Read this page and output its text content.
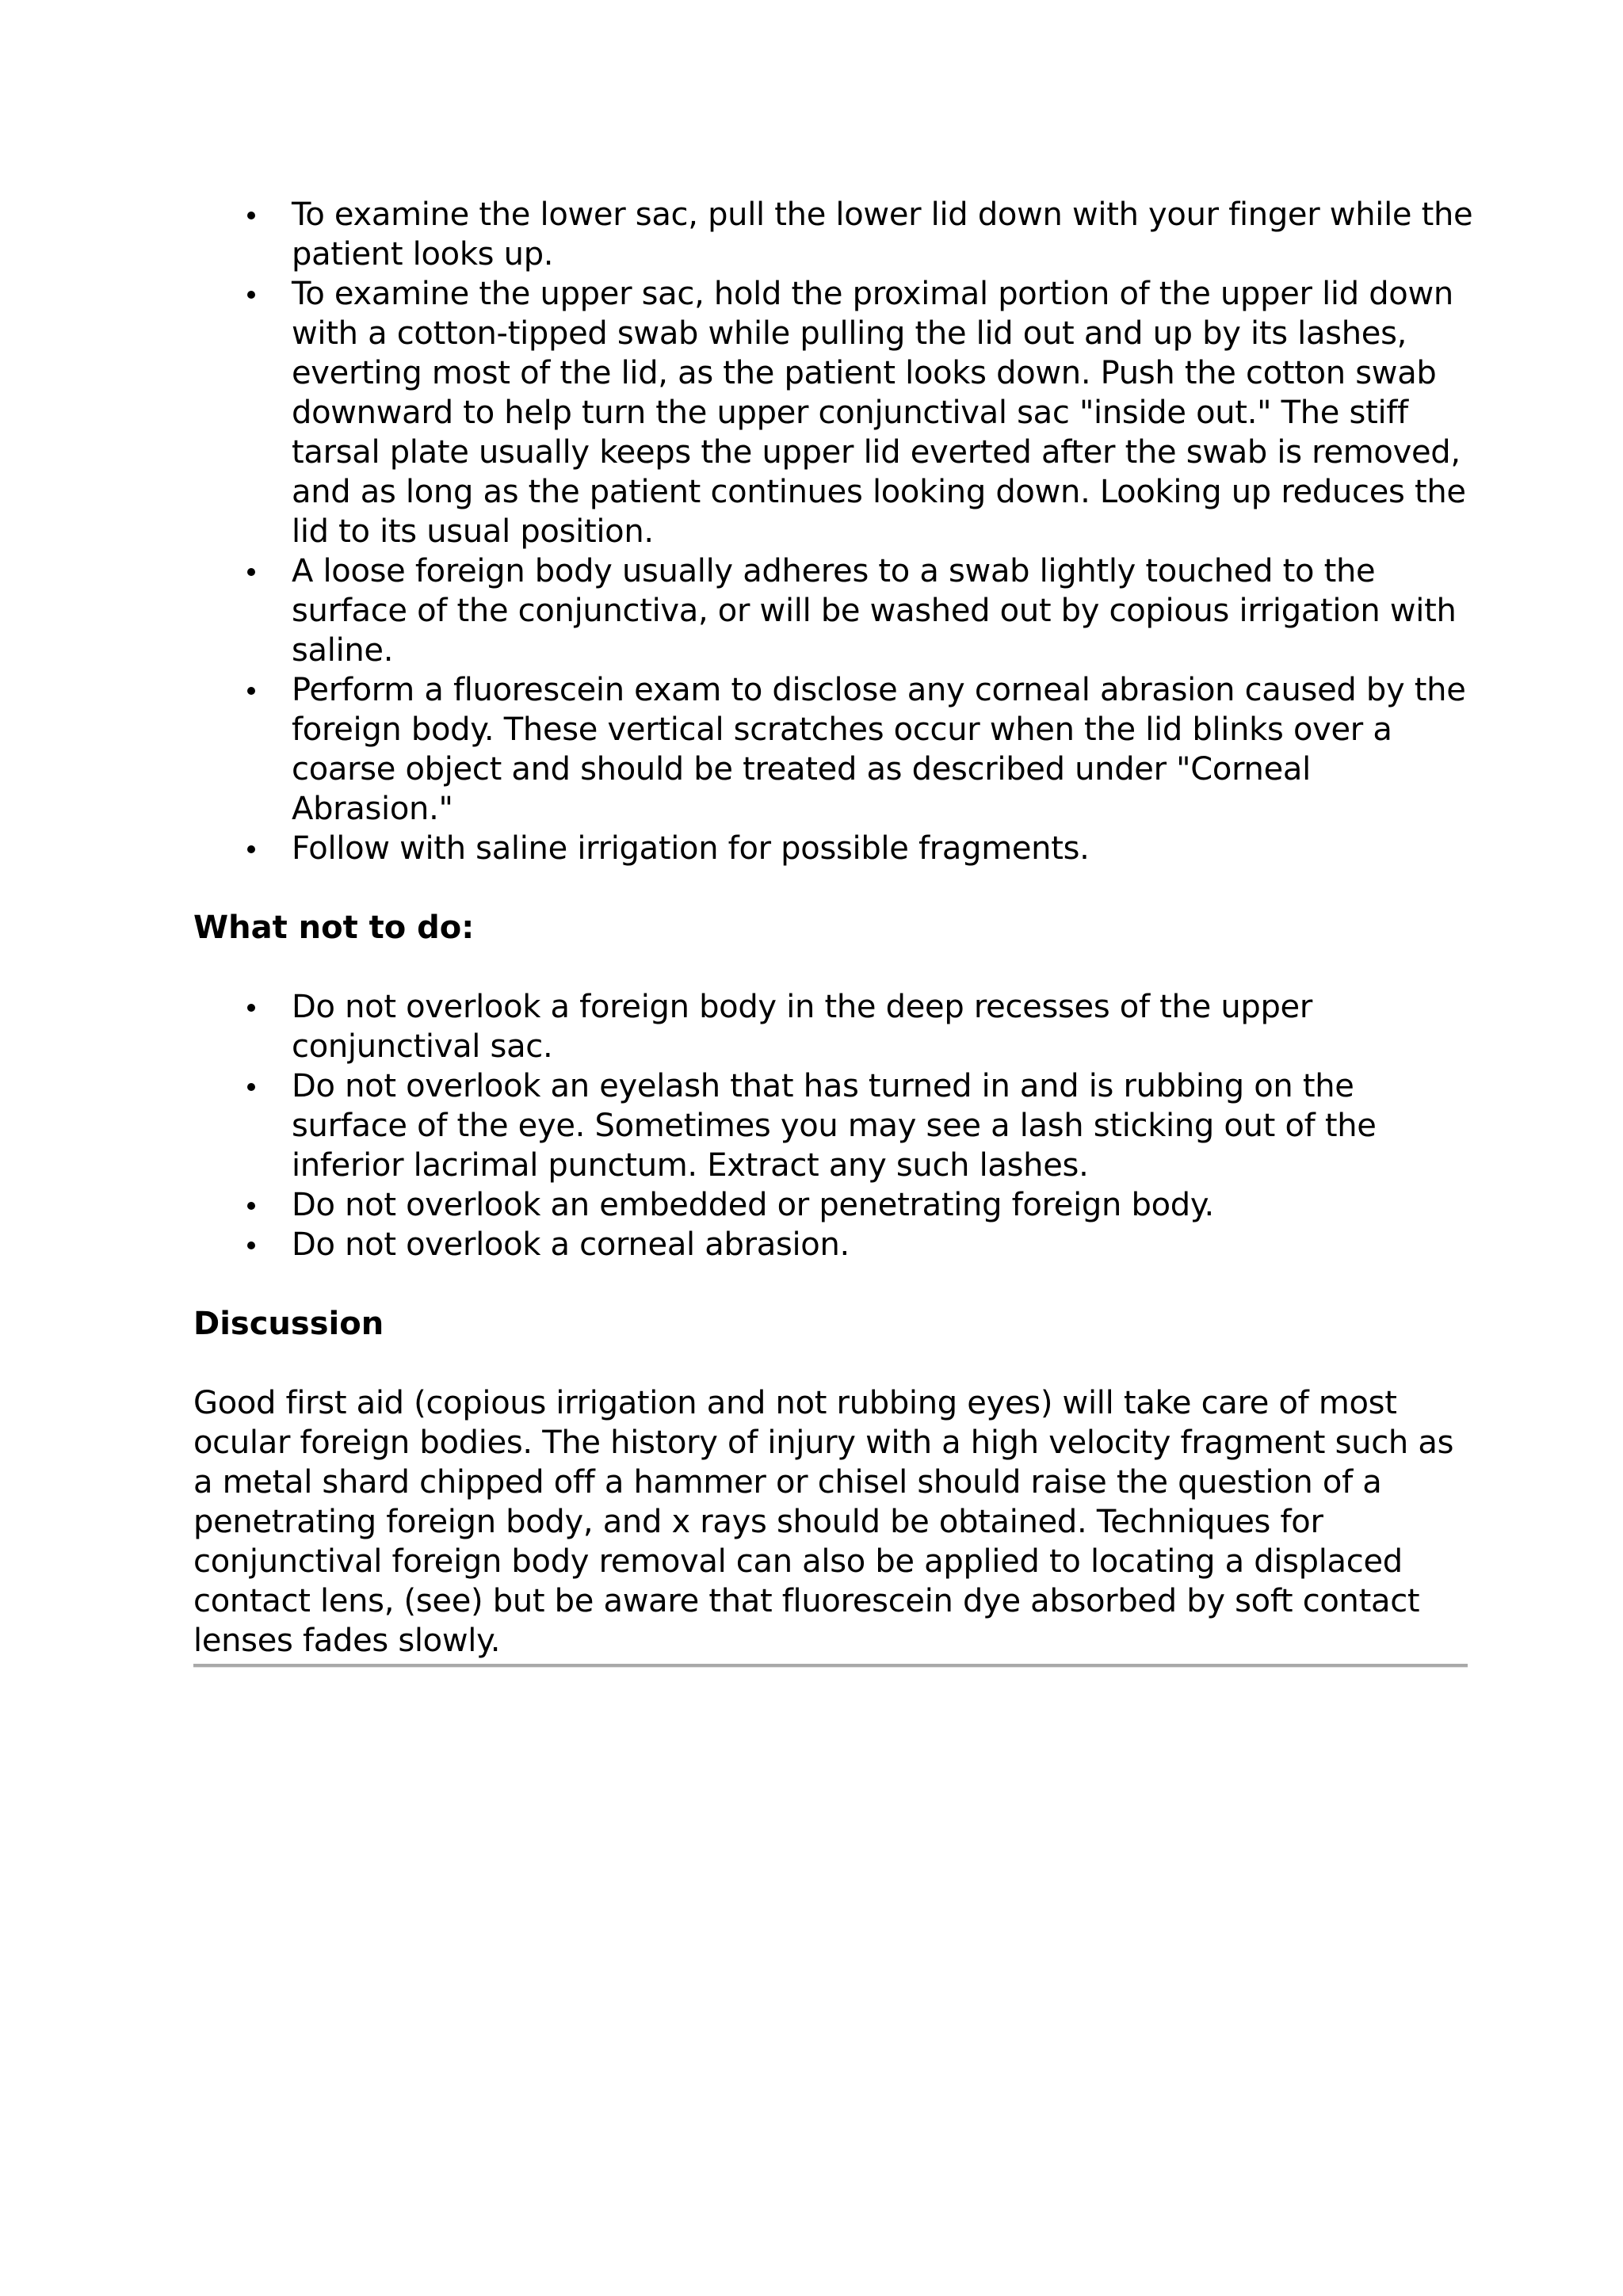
To examine the lower sac, pull the lower lid down with your finger while the patient looks up.
To examine the upper sac, hold the proximal portion of the upper lid down with a cotton-tipped swab while pulling the lid out and up by its lashes, everting most of the lid, as the patient looks down. Push the cotton swab downward to help turn the upper conjunctival sac "inside out." The stiff tarsal plate usually keeps the upper lid everted after the swab is removed, and as long as the patient continues looking down. Looking up reduces the lid to its usual position.
A loose foreign body usually adheres to a swab lightly touched to the surface of the conjunctiva, or will be washed out by copious irrigation with saline.
Perform a fluorescein exam to disclose any corneal abrasion caused by the foreign body. These vertical scratches occur when the lid blinks over a coarse object and should be treated as described under "Corneal Abrasion."
Follow with saline irrigation for possible fragments.
What not to do:
Do not overlook a foreign body in the deep recesses of the upper conjunctival sac.
Do not overlook an eyelash that has turned in and is rubbing on the surface of the eye. Sometimes you may see a lash sticking out of the inferior lacrimal punctum. Extract any such lashes.
Do not overlook an embedded or penetrating foreign body.
Do not overlook a corneal abrasion.
Discussion

Good first aid (copious irrigation and not rubbing eyes) will take care of most ocular foreign bodies. The history of injury with a high velocity fragment such as a metal shard chipped off a hammer or chisel should raise the question of a penetrating foreign body, and x rays should be obtained. Techniques for conjunctival foreign body removal can also be applied to locating a displaced contact lens, (see) but be aware that fluorescein dye absorbed by soft contact lenses fades slowly.
